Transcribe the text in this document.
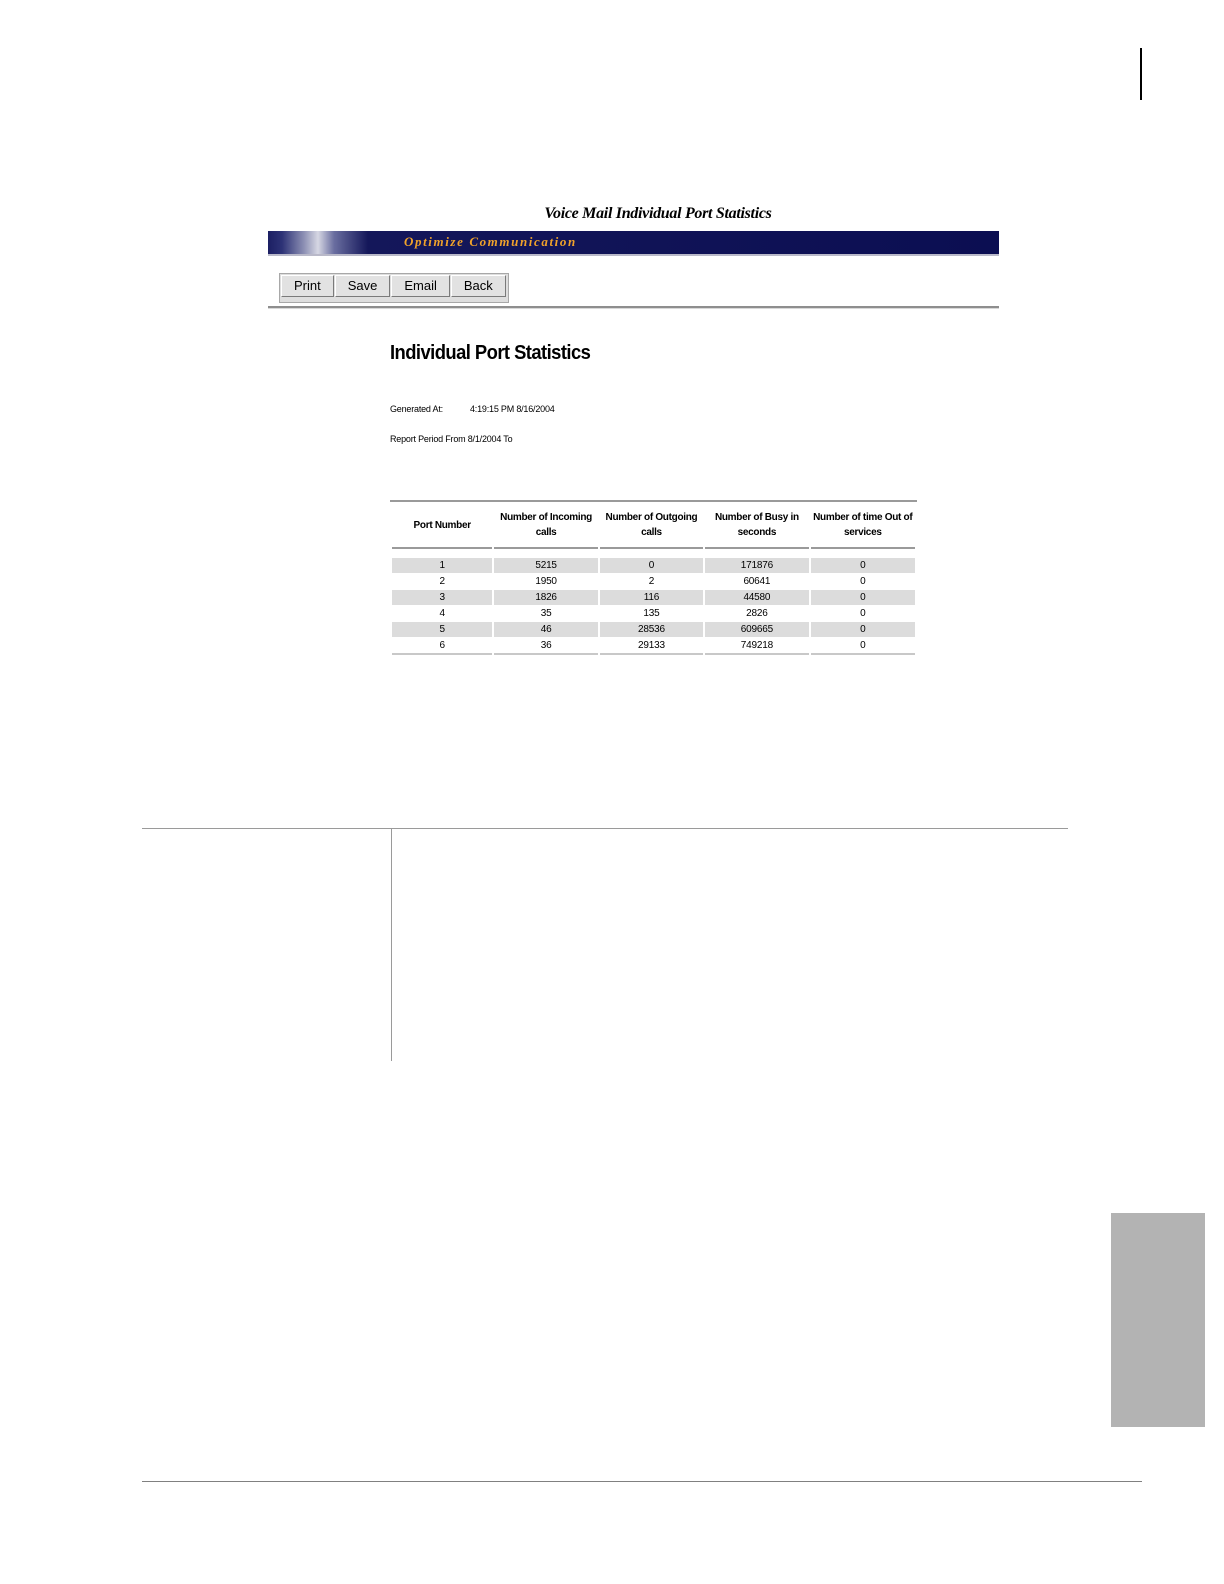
Voice Mail Individual Port Statistics
Optimize Communication
Print	Save	Email	Back
Individual Port Statistics
Generated At:	4:19:15 PM 8/16/2004
Report Period From 8/1/2004 To
Port Number	Number of Incoming calls	Number of Outgoing calls	Number of Busy in seconds	Number of time Out of services

1	5215	0	171876	0
2	1950	2	60641	0
3	1826	116	44580	0
4	35	135	2826	0
5	46	28536	609665	0
6	36	29133	749218	0
